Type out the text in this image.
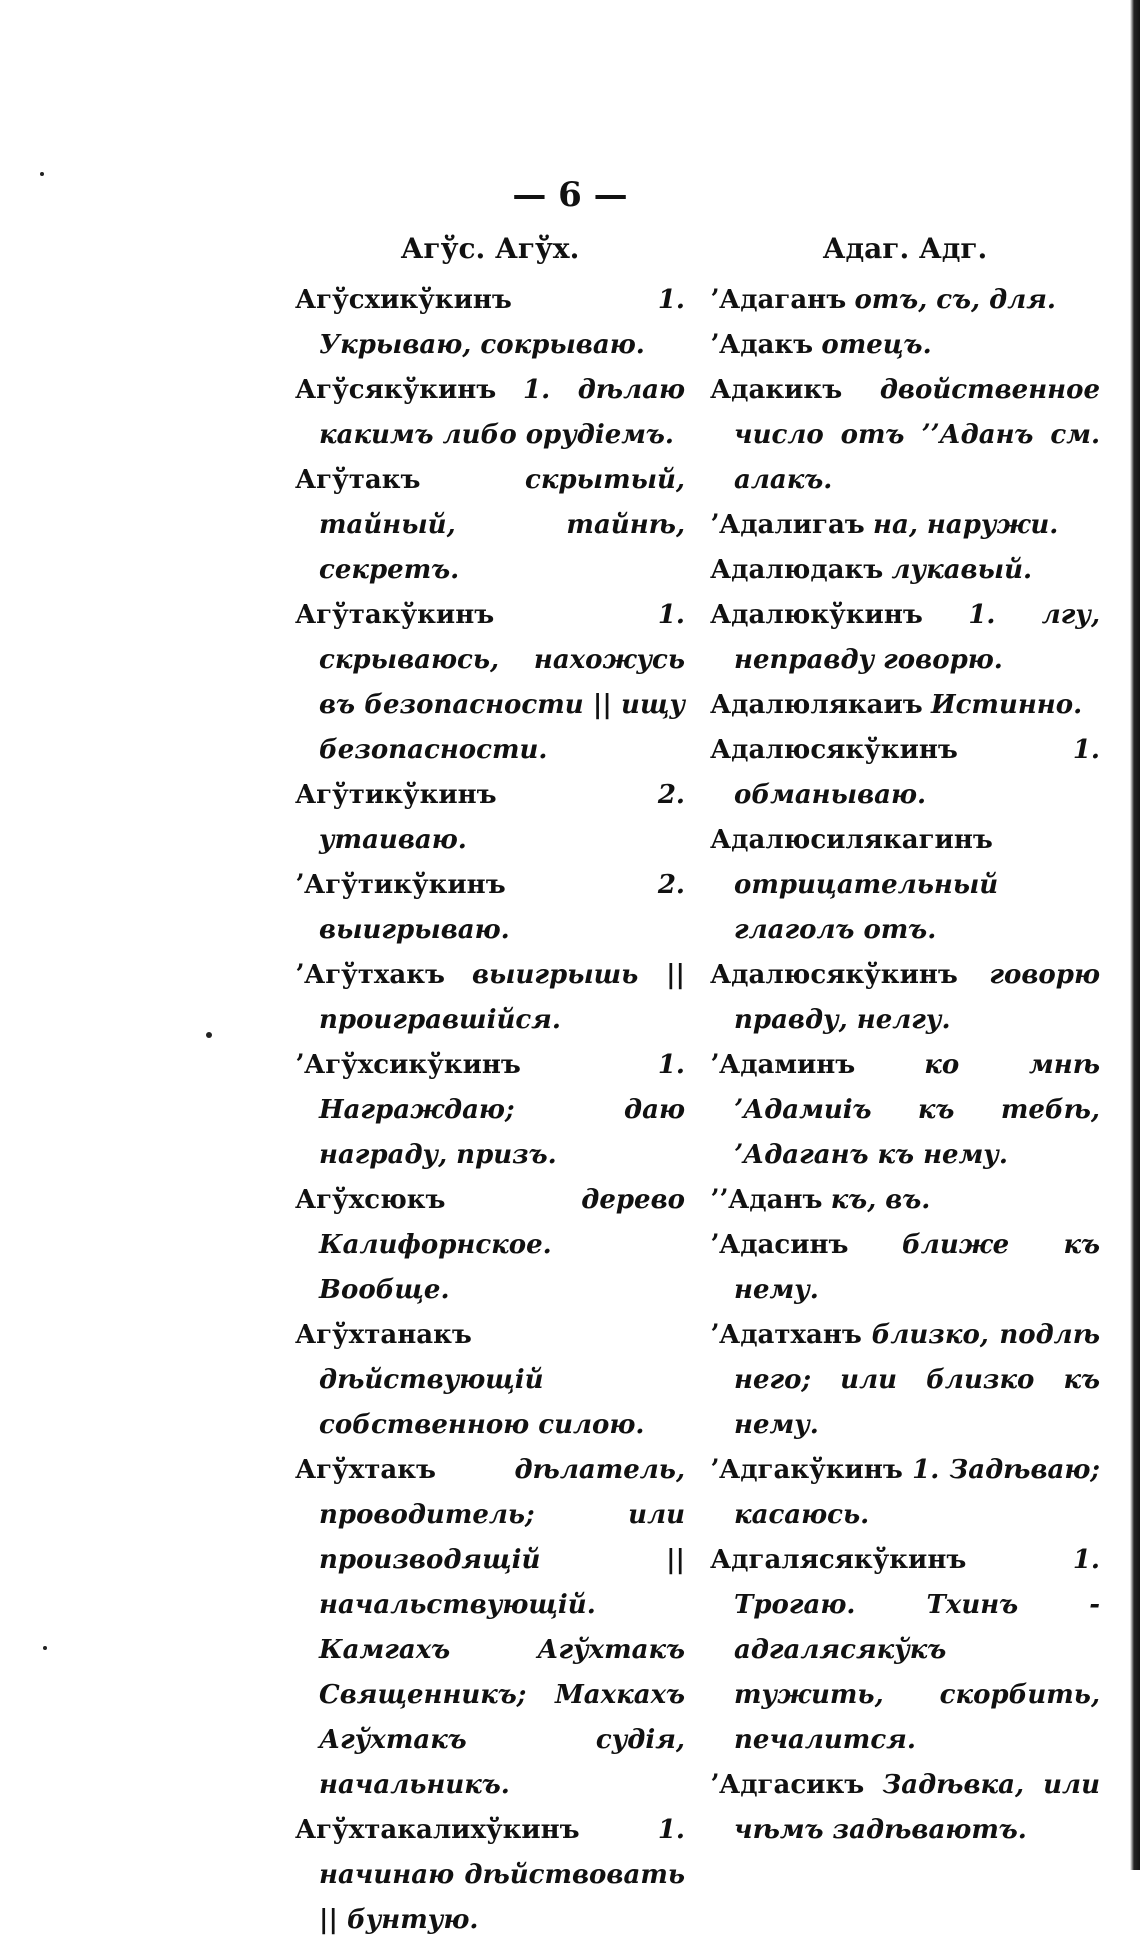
— 6 —
Агўс. Агўх.

Агўсхикўкинъ	1. Укрываю, сокрываю.

Агўсякўкинъ 1. дѣлаю какимъ либо орудіемъ.

Агўтакъ	скрытый, тайный, тайнѣ, секретъ.

Агўтакўкинъ	1. скрываюсь, нахожусь въ безопасности || ищу безопасности.

Агўтикўкинъ	2. утаиваю.

ʼАгўтикўкинъ	2. выигрываю.

ʼАгўтхакъ выигрышь || проигравшійся.

ʼАгўхсикўкинъ	1. Награждаю; даю награду, призъ.

Агўхсюкъ	дерево Калифорнское. Вообще.

Агўхтанакъ дѣйствующій собственною силою.

Агўхтакъ	дѣлатель, проводитель; или производящій || начальствующій. Камгахъ Агўхтакъ Священникъ; Махкахъ Агўхтакъ судія, начальникъ.

Агўхтакалихўкинъ	1. начинаю дѣйствовать || бунтую.

Адаг. Адг.

ʼАдаганъ отъ, съ, для.

ʼАдакъ отецъ.

Адакикъ двойственное число отъ ʼʼАданъ см. алакъ.

ʼАдалигаъ на, наружи.

Адалюдакъ лукавый.

Адалюкўкинъ 1. лгу, неправду говорю.

Адалюлякаиъ Истинно.

Адалюсякўкинъ	1. обманываю.

Адалюсилякагинъ отрицательный глаголъ отъ.

Адалюсякўкинъ говорю правду, нелгу.

ʼАдаминъ	ко мнѣ ʼАдамиіъ къ тебѣ, ʼАдаганъ къ нему.

ʼʼАданъ къ, въ.

ʼАдасинъ ближе къ нему.

ʼАдатханъ близко, подлѣ него; или близко къ нему.

ʼАдгакўкинъ 1. Задѣваю; касаюсь.

Адгалясякўкинъ	1. Трогаю. Тхинъ - адгалясякўкъ тужить, скорбить, печалится.

ʼАдгасикъ Задѣвка, или чѣмъ задѣваютъ.
